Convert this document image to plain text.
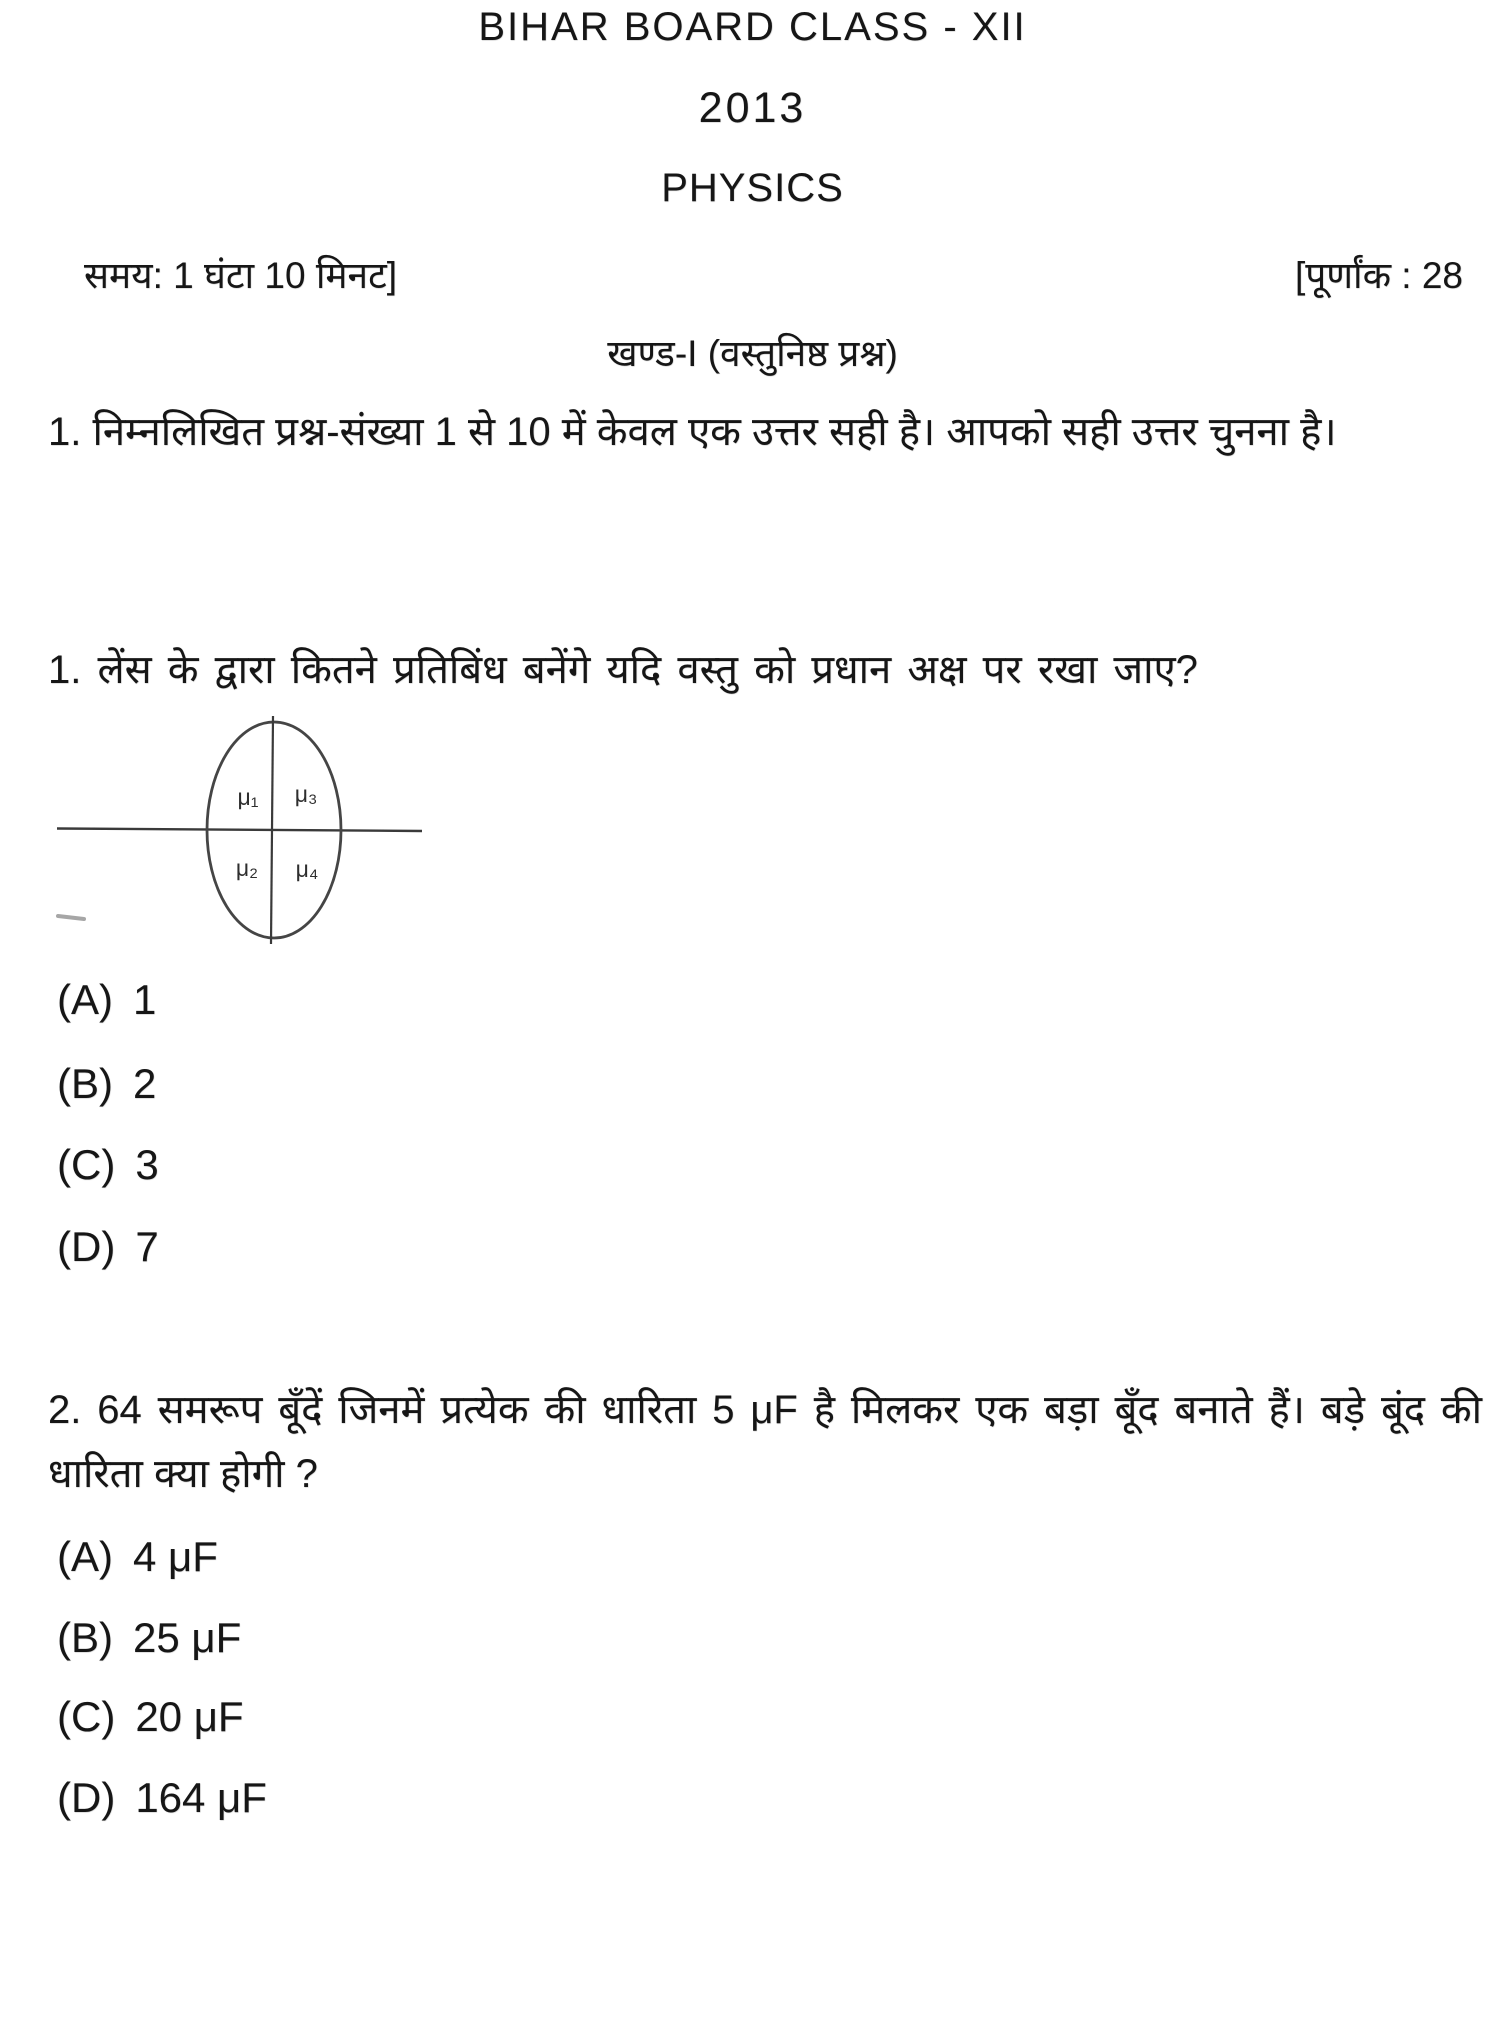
BIHAR BOARD CLASS - XII
2013
PHYSICS
समय: 1 घंटा 10 मिनट]	[पूर्णांक : 28
खण्ड-I (वस्तुनिष्ठ प्रश्न)

1. निम्नलिखित प्रश्न-संख्या 1 से 10 में केवल एक उत्तर सही है। आपको सही उत्तर चुनना है।

1. लेंस के द्वारा कितने प्रतिबिंध बनेंगे यदि वस्तु को प्रधान अक्ष पर रखा जाए?

μ₁ μ₃
μ₂ μ₄
(A) 1
(B) 2
(C) 3
(D) 7

2. 64 समरूप बूँदें जिनमें प्रत्येक की धारिता 5 μF है मिलकर एक बड़ा बूँद बनाते हैं। बड़े बूंद की धारिता क्या होगी ?

(A) 4 μF
(B) 25 μF
(C) 20 μF
(D) 164 μF
